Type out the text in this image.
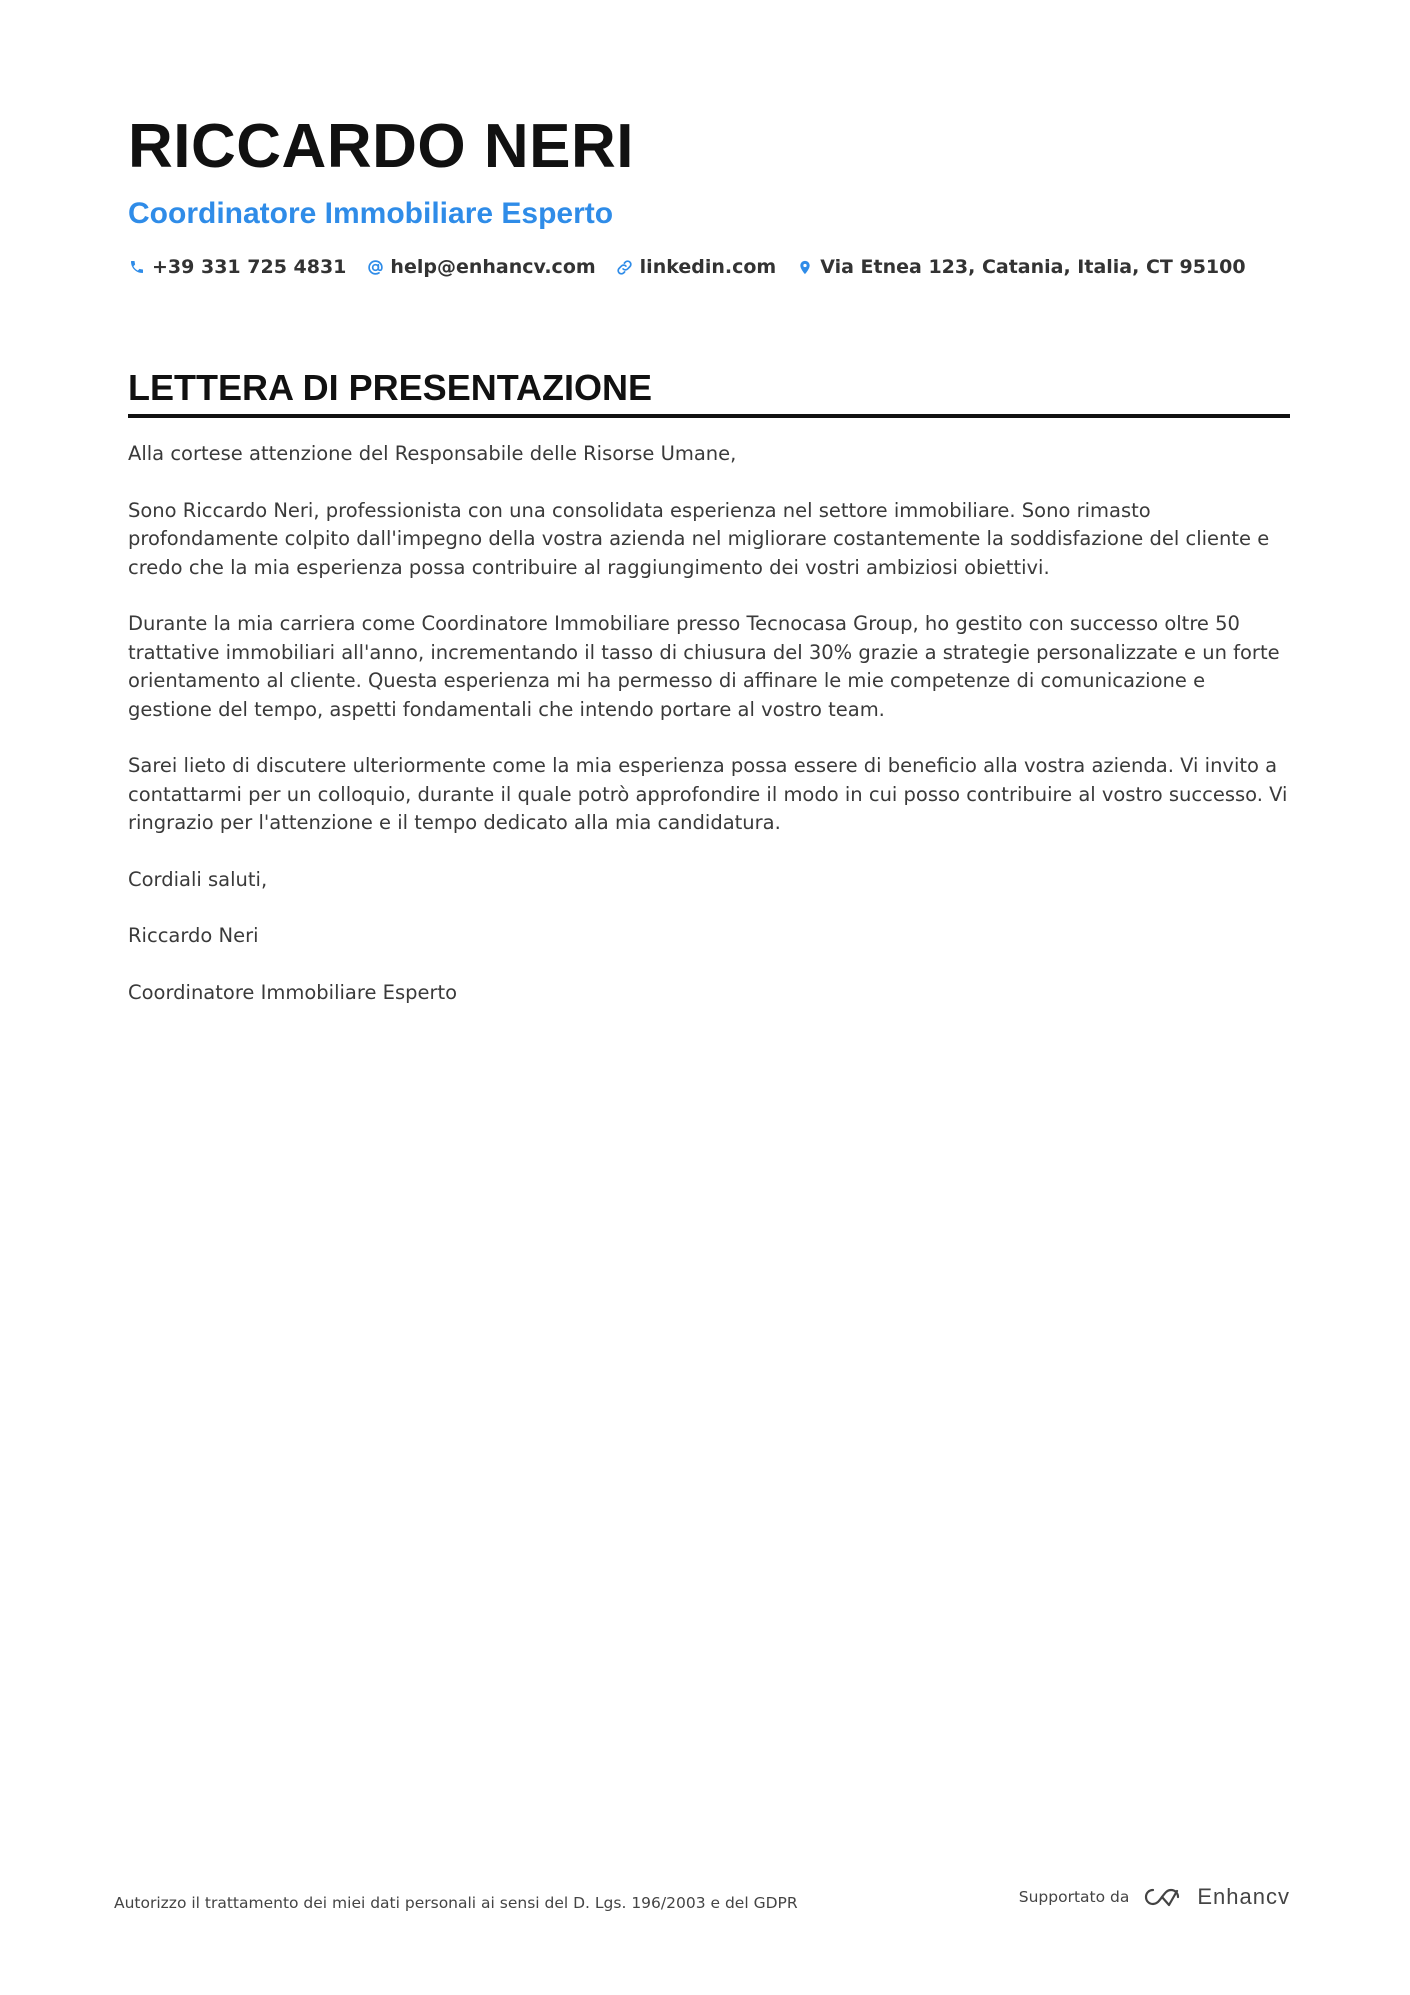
RICCARDO NERI
Coordinatore Immobiliare Esperto
+39 331 725 4831 help@enhancv.com linkedin.com Via Etnea 123, Catania, Italia, CT 95100
LETTERA DI PRESENTAZIONE

Alla cortese attenzione del Responsabile delle Risorse Umane,

Sono Riccardo Neri, professionista con una consolidata esperienza nel settore immobiliare. Sono rimasto profondamente colpito dall'impegno della vostra azienda nel migliorare costantemente la soddisfazione del cliente e credo che la mia esperienza possa contribuire al raggiungimento dei vostri ambiziosi obiettivi.

Durante la mia carriera come Coordinatore Immobiliare presso Tecnocasa Group, ho gestito con successo oltre 50 trattative immobiliari all'anno, incrementando il tasso di chiusura del 30% grazie a strategie personalizzate e un forte orientamento al cliente. Questa esperienza mi ha permesso di affinare le mie competenze di comunicazione e gestione del tempo, aspetti fondamentali che intendo portare al vostro team.

Sarei lieto di discutere ulteriormente come la mia esperienza possa essere di beneficio alla vostra azienda. Vi invito a contattarmi per un colloquio, durante il quale potrò approfondire il modo in cui posso contribuire al vostro successo. Vi ringrazio per l'attenzione e il tempo dedicato alla mia candidatura.

Cordiali saluti,

Riccardo Neri

Coordinatore Immobiliare Esperto

Autorizzo il trattamento dei miei dati personali ai sensi del D. Lgs. 196/2003 e del GDPR	Supportato da	Enhancv
